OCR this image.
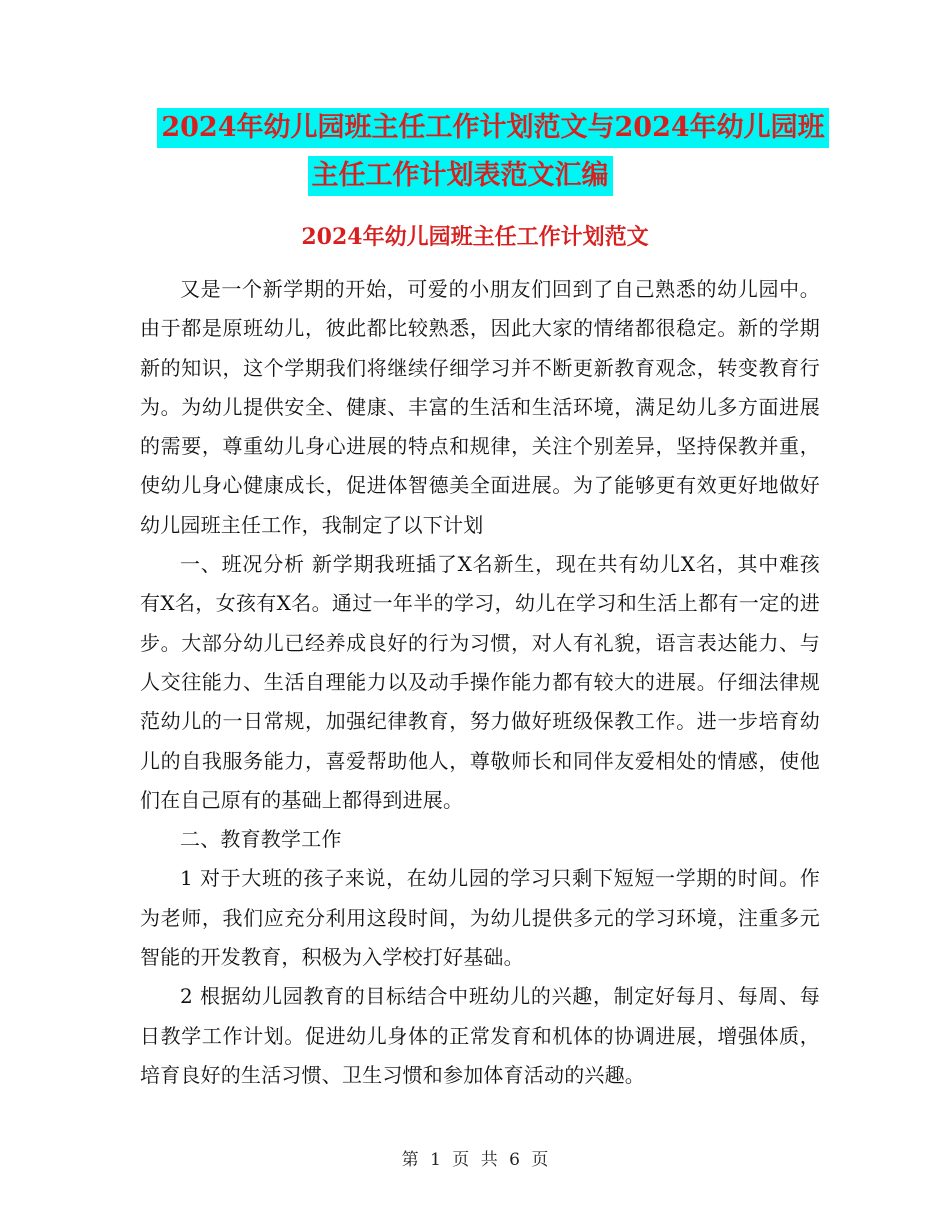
2024年幼儿园班主任工作计划范文与2024年幼儿园班
主任工作计划表范文汇编
2024年幼儿园班主任工作计划范文

又是一个新学期的开始，可爱的小朋友们回到了自己熟悉的幼儿园中。由于都是原班幼儿，彼此都比较熟悉，因此大家的情绪都很稳定。新的学期新的知识，这个学期我们将继续仔细学习并不断更新教育观念，转变教育行为。为幼儿提供安全、健康、丰富的生活和生活环境，满足幼儿多方面进展的需要，尊重幼儿身心进展的特点和规律，关注个别差异，坚持保教并重，使幼儿身心健康成长，促进体智德美全面进展。为了能够更有效更好地做好幼儿园班主任工作，我制定了以下计划

一、班况分析 新学期我班插了X名新生，现在共有幼儿X名，其中难孩有X名，女孩有X名。通过一年半的学习，幼儿在学习和生活上都有一定的进步。大部分幼儿已经养成良好的行为习惯，对人有礼貌，语言表达能力、与人交往能力、生活自理能力以及动手操作能力都有较大的进展。仔细法律规范幼儿的一日常规，加强纪律教育，努力做好班级保教工作。进一步培育幼儿的自我服务能力，喜爱帮助他人，尊敬师长和同伴友爱相处的情感，使他们在自己原有的基础上都得到进展。

二、教育教学工作

1 对于大班的孩子来说，在幼儿园的学习只剩下短短一学期的时间。作为老师，我们应充分利用这段时间，为幼儿提供多元的学习环境，注重多元智能的开发教育，积极为入学校打好基础。

2 根据幼儿园教育的目标结合中班幼儿的兴趣，制定好每月、每周、每日教学工作计划。促进幼儿身体的正常发育和机体的协调进展，增强体质，培育良好的生活习惯、卫生习惯和参加体育活动的兴趣。

第 1 页 共 6 页
